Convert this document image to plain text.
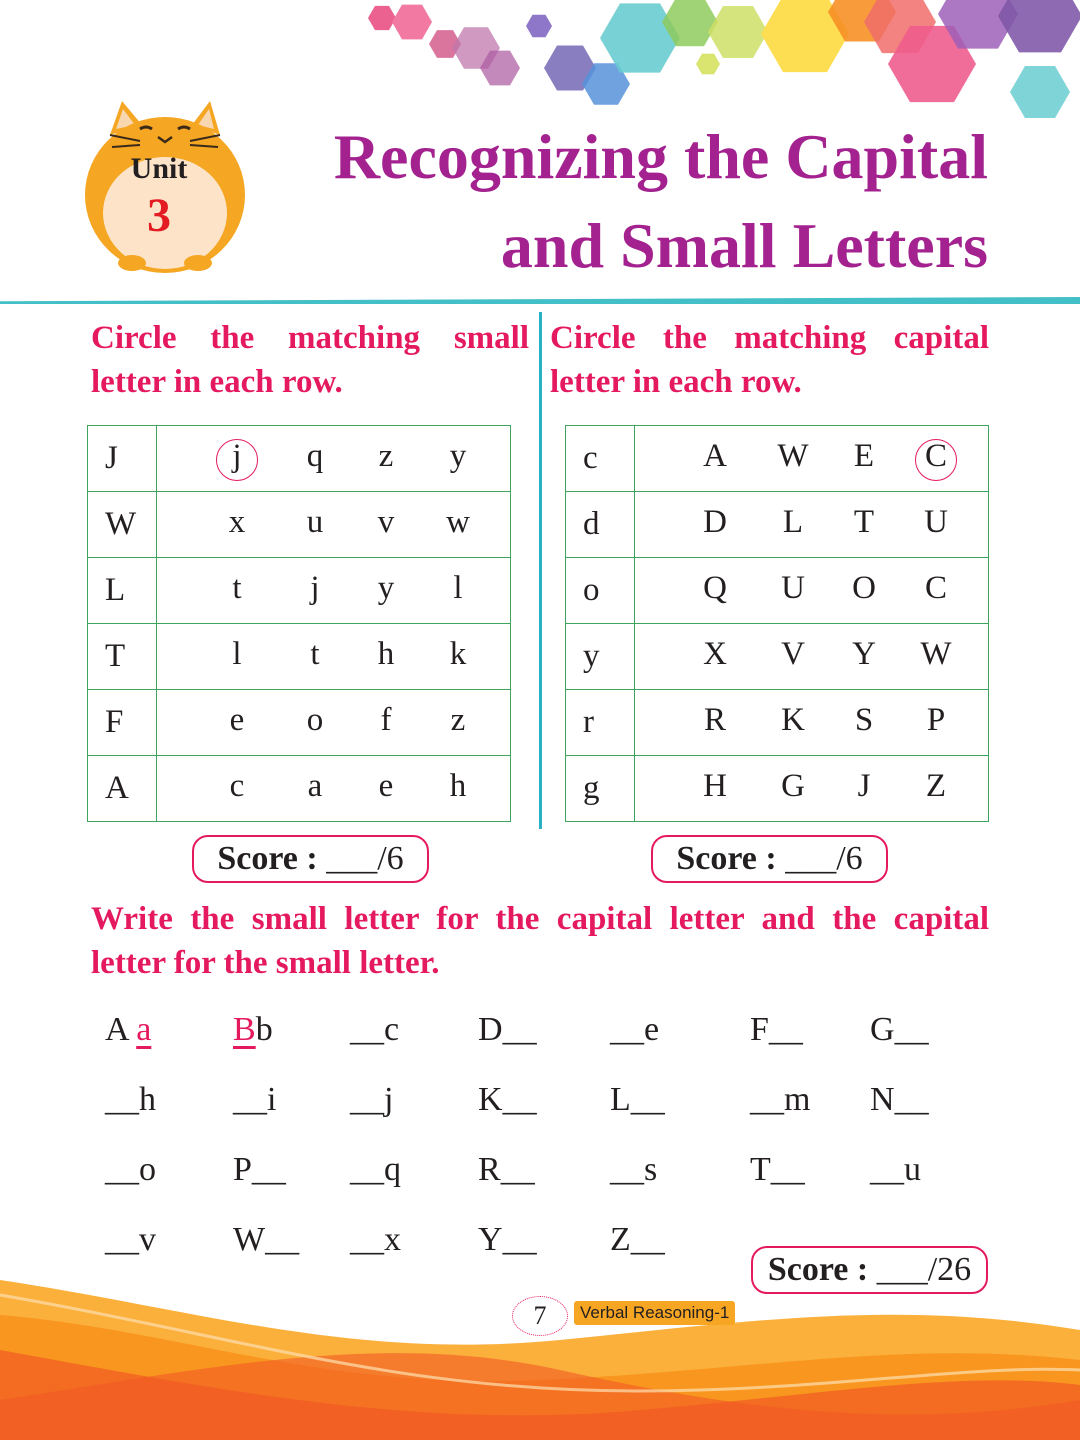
Unit
3
Recognizing the Capital
and Small Letters
Circle the matching small
letter in each row.
J	j q z y

W	x u v w

L	t j y l

T	l t h k

F	e o f z

A	c a e h
Score : ___/6
Circle the matching capital
letter in each row.
c	A W E C

d	D L T U

o	Q U O C

y	X V Y W

r	R K S P

g	H G J Z
Score : ___/6
Write the small letter for the capital letter and the capital
letter for the small letter.
A a Bb __c D__ __e	F__ G__
__h __i __j K__ L__	__m N__
__o P__ __q R__ __s	T__ __u
__v W__ __x Y__ Z__
Score : ___/26
7	Verbal Reasoning-1
